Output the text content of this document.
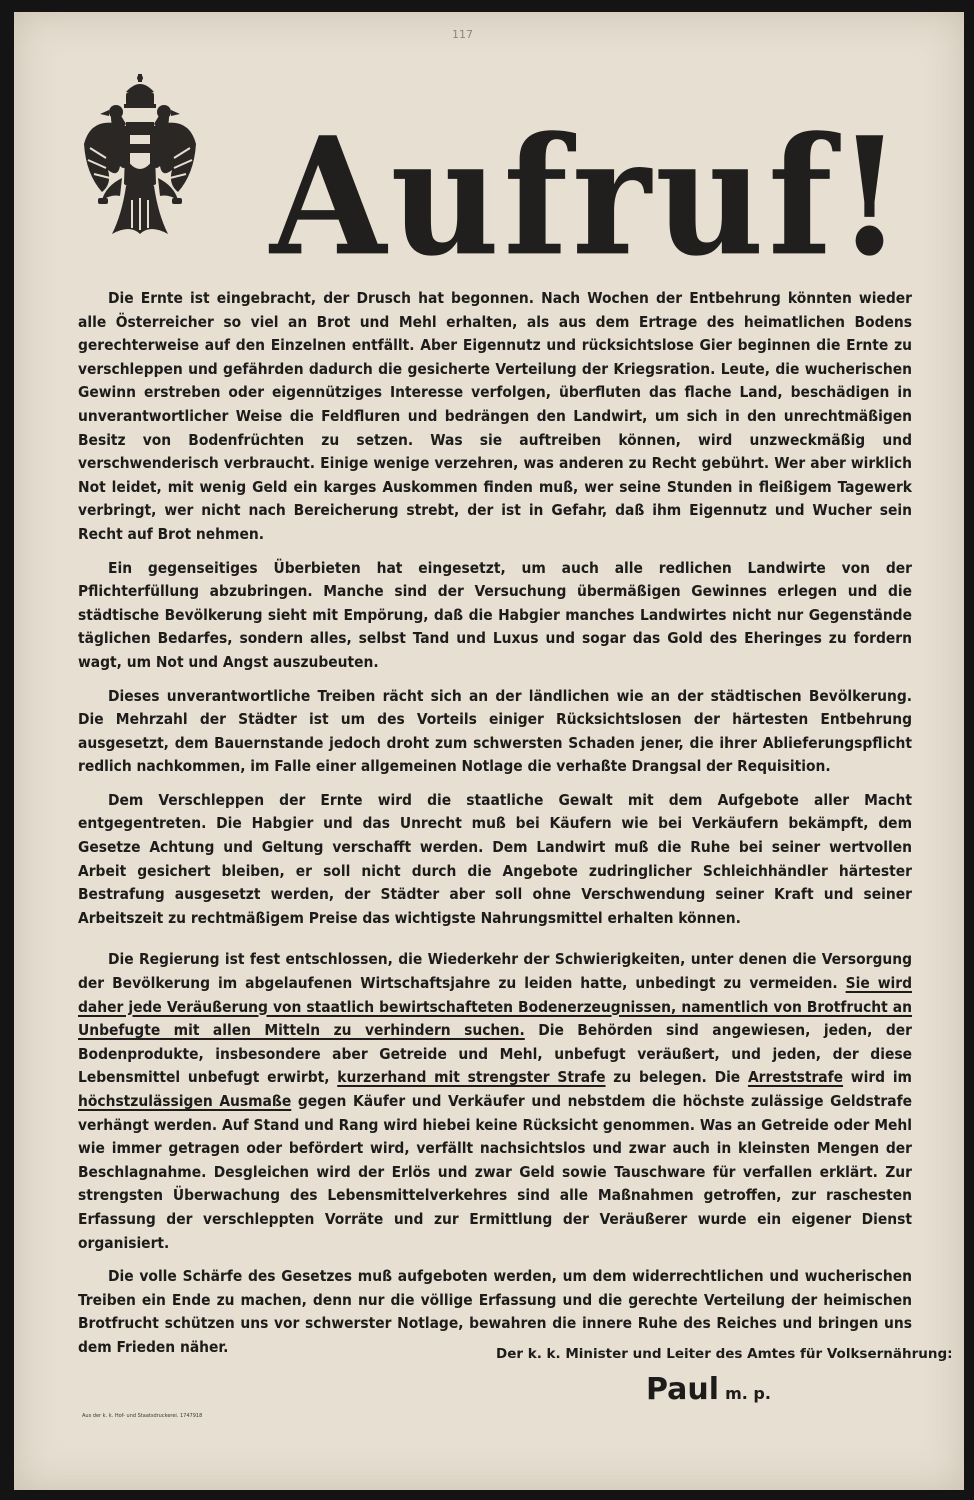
117
Aufruf!

Die Ernte ist eingebracht, der Drusch hat begonnen. Nach Wochen der Entbehrung könnten wieder alle Österreicher so viel an Brot und Mehl erhalten, als aus dem Ertrage des heimatlichen Bodens gerechterweise auf den Einzelnen entfällt. Aber Eigennutz und rücksichtslose Gier beginnen die Ernte zu verschleppen und gefährden dadurch die gesicherte Verteilung der Kriegsration. Leute, die wucherischen Gewinn erstreben oder eigennütziges Interesse verfolgen, überfluten das flache Land, beschädigen in unverantwortlicher Weise die Feldfluren und bedrängen den Landwirt, um sich in den unrechtmäßigen Besitz von Bodenfrüchten zu setzen. Was sie auftreiben können, wird unzweckmäßig und verschwenderisch verbraucht. Einige wenige verzehren, was anderen zu Recht gebührt. Wer aber wirklich Not leidet, mit wenig Geld ein karges Auskommen finden muß, wer seine Stunden in fleißigem Tagewerk verbringt, wer nicht nach Bereicherung strebt, der ist in Gefahr, daß ihm Eigennutz und Wucher sein Recht auf Brot nehmen.

Ein gegenseitiges Überbieten hat eingesetzt, um auch alle redlichen Landwirte von der Pflichterfüllung abzubringen. Manche sind der Versuchung übermäßigen Gewinnes erlegen und die städtische Bevölkerung sieht mit Empörung, daß die Habgier manches Landwirtes nicht nur Gegenstände täglichen Bedarfes, sondern alles, selbst Tand und Luxus und sogar das Gold des Eheringes zu fordern wagt, um Not und Angst auszubeuten.

Dieses unverantwortliche Treiben rächt sich an der ländlichen wie an der städtischen Bevölkerung. Die Mehrzahl der Städter ist um des Vorteils einiger Rücksichtslosen der härtesten Entbehrung ausgesetzt, dem Bauernstande jedoch droht zum schwersten Schaden jener, die ihrer Ablieferungspflicht redlich nachkommen, im Falle einer allgemeinen Notlage die verhaßte Drangsal der Requisition.

Dem Verschleppen der Ernte wird die staatliche Gewalt mit dem Aufgebote aller Macht entgegentreten. Die Habgier und das Unrecht muß bei Käufern wie bei Verkäufern bekämpft, dem Gesetze Achtung und Geltung verschafft werden. Dem Landwirt muß die Ruhe bei seiner wertvollen Arbeit gesichert bleiben, er soll nicht durch die Angebote zudringlicher Schleichhändler härtester Bestrafung ausgesetzt werden, der Städter aber soll ohne Verschwendung seiner Kraft und seiner Arbeitszeit zu rechtmäßigem Preise das wichtigste Nahrungsmittel erhalten können.

Die Regierung ist fest entschlossen, die Wiederkehr der Schwierigkeiten, unter denen die Versorgung der Bevölkerung im abgelaufenen Wirtschaftsjahre zu leiden hatte, unbedingt zu vermeiden. Sie wird daher jede Veräußerung von staatlich bewirtschafteten Bodenerzeugnissen, namentlich von Brotfrucht an Unbefugte mit allen Mitteln zu verhindern suchen. Die Behörden sind angewiesen, jeden, der Bodenprodukte, insbesondere aber Getreide und Mehl, unbefugt veräußert, und jeden, der diese Lebensmittel unbefugt erwirbt, kurzerhand mit strengster Strafe zu belegen. Die Arreststrafe wird im höchstzulässigen Ausmaße gegen Käufer und Verkäufer und nebstdem die höchste zulässige Geldstrafe verhängt werden. Auf Stand und Rang wird hiebei keine Rücksicht genommen. Was an Getreide oder Mehl wie immer getragen oder befördert wird, verfällt nachsichtslos und zwar auch in kleinsten Mengen der Beschlagnahme. Desgleichen wird der Erlös und zwar Geld sowie Tauschware für verfallen erklärt. Zur strengsten Überwachung des Lebensmittelverkehres sind alle Maßnahmen getroffen, zur raschesten Erfassung der verschleppten Vorräte und zur Ermittlung der Veräußerer wurde ein eigener Dienst organisiert.

Die volle Schärfe des Gesetzes muß aufgeboten werden, um dem widerrechtlichen und wucherischen Treiben ein Ende zu machen, denn nur die völlige Erfassung und die gerechte Verteilung der heimischen Brotfrucht schützen uns vor schwerster Notlage, bewahren die innere Ruhe des Reiches und bringen uns dem Frieden näher.	Der k. k. Minister und Leiter des Amtes für Volksernährung:
Paul m. p.
Aus der k. k. Hof- und Staatsdruckerei. 1747918
